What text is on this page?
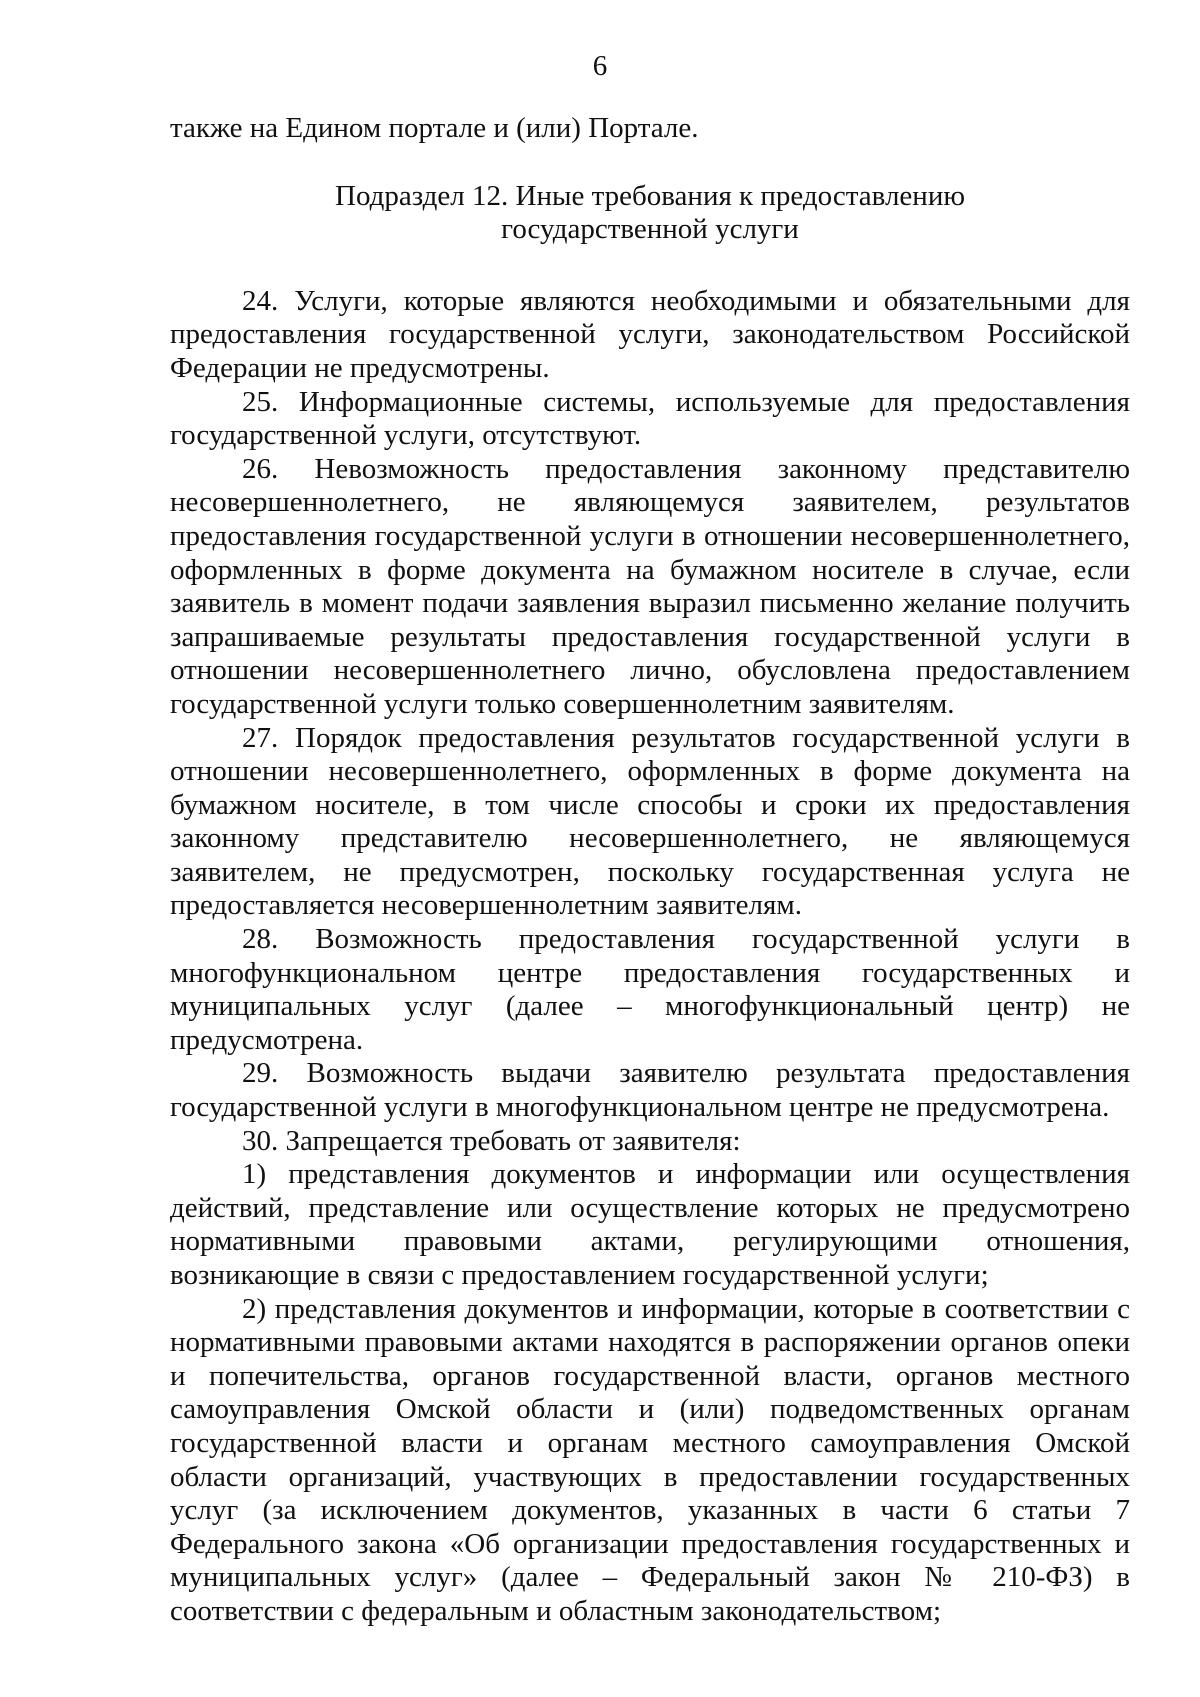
6

также на Едином портале и (или) Портале.

Подраздел 12. Иные требования к предоставлению
государственной услуги

24. Услуги, которые являются необходимыми и обязательными для предоставления государственной услуги, законодательством Российской Федерации не предусмотрены.

25. Информационные системы, используемые для предоставления государственной услуги, отсутствуют.

26. Невозможность предоставления законному представителю несовершеннолетнего, не являющемуся заявителем, результатов предоставления государственной услуги в отношении несовершеннолетнего, оформленных в форме документа на бумажном носителе в случае, если заявитель в момент подачи заявления выразил письменно желание получить запрашиваемые результаты предоставления государственной услуги в отношении несовершеннолетнего лично, обусловлена предоставлением государственной услуги только совершеннолетним заявителям.

27. Порядок предоставления результатов государственной услуги в отношении несовершеннолетнего, оформленных в форме документа на бумажном носителе, в том числе способы и сроки их предоставления законному представителю несовершеннолетнего, не являющемуся заявителем, не предусмотрен, поскольку государственная услуга не предоставляется несовершеннолетним заявителям.

28. Возможность предоставления государственной услуги в многофункциональном центре предоставления государственных и муниципальных услуг (далее – многофункциональный центр) не предусмотрена.

29. Возможность выдачи заявителю результата предоставления государственной услуги в многофункциональном центре не предусмотрена.

30. Запрещается требовать от заявителя:

1) представления документов и информации или осуществления действий, представление или осуществление которых не предусмотрено нормативными правовыми актами, регулирующими отношения, возникающие в связи с предоставлением государственной услуги;

2) представления документов и информации, которые в соответствии с нормативными правовыми актами находятся в распоряжении органов опеки и попечительства, органов государственной власти, органов местного самоуправления Омской области и (или) подведомственных органам государственной власти и органам местного самоуправления Омской области организаций, участвующих в предоставлении государственных услуг (за исключением документов, указанных в части 6 статьи 7 Федерального закона «Об организации предоставления государственных и муниципальных услуг» (далее – Федеральный закон № 210-ФЗ) в соответствии с федеральным и областным законодательством;
